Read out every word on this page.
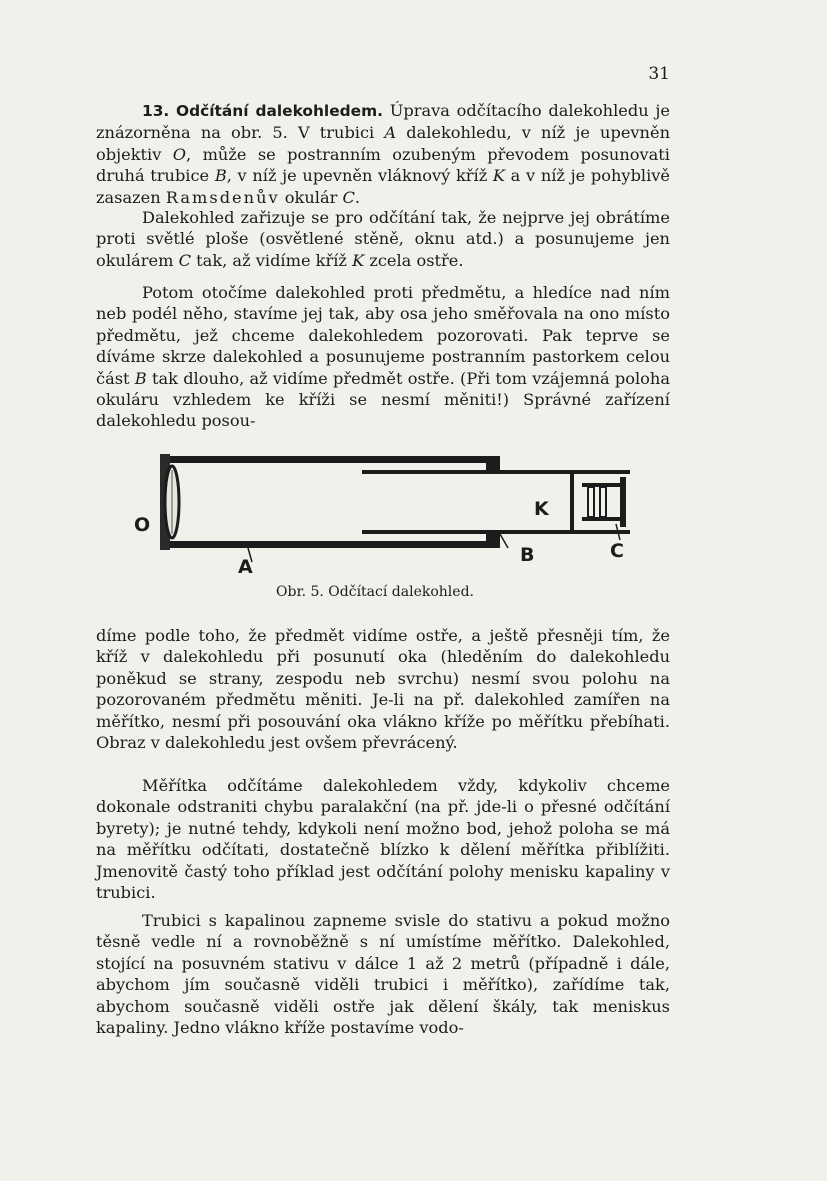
31

13. Odčítání dalekohledem. Úprava odčítacího dalekohledu je znázorněna na obr. 5. V trubici A dalekohledu, v níž je upevněn objektiv O, může se postranním ozubeným převodem posunovati druhá trubice B, v níž je upevněn vláknový kříž K a v níž je pohyblivě zasazen Ramsdenův okulár C.

Dalekohled zařizuje se pro odčítání tak, že nejprve jej obrátíme proti světlé ploše (osvětlené stěně, oknu atd.) a posunujeme jen okulárem C tak, až vidíme kříž K zcela ostře.

Potom otočíme dalekohled proti předmětu, a hledíce nad ním neb podél něho, stavíme jej tak, aby osa jeho směřovala na ono místo předmětu, jež chceme dalekohledem pozorovati. Pak teprve se díváme skrze dalekohled a posunujeme postranním pastorkem celou část B tak dlouho, až vidíme předmět ostře. (Při tom vzájemná poloha okuláru vzhledem ke kříži se nesmí měniti!) Správné zařízení dalekohledu posou-

O
A
B
K
C
Obr. 5. Odčítací dalekohled.

díme podle toho, že předmět vidíme ostře, a ještě přesněji tím, že kříž v dalekohledu při posunutí oka (hleděním do dalekohledu poněkud se strany, zespodu neb svrchu) nesmí svou polohu na pozorovaném předmětu měniti. Je-li na př. dalekohled zamířen na měřítko, nesmí při posouvání oka vlákno kříže po měřítku přebíhati. Obraz v dalekohledu jest ovšem převrácený.

Měřítka odčítáme dalekohledem vždy, kdykoliv chceme dokonale odstraniti chybu paralakční (na př. jde-li o přesné odčítání byrety); je nutné tehdy, kdykoli není možno bod, jehož poloha se má na měřítku odčítati, dostatečně blízko k dělení měřítka přiblížiti. Jmenovitě častý toho příklad jest odčítání polohy menisku kapaliny v trubici.

Trubici s kapalinou zapneme svisle do stativu a pokud možno těsně vedle ní a rovnoběžně s ní umístíme měřítko. Dalekohled, stojící na posuvném stativu v dálce 1 až 2 metrů (případně i dále, abychom jím současně viděli trubici i měřítko), zařídíme tak, abychom současně viděli ostře jak dělení škály, tak meniskus kapaliny. Jedno vlákno kříže postavíme vodo-
